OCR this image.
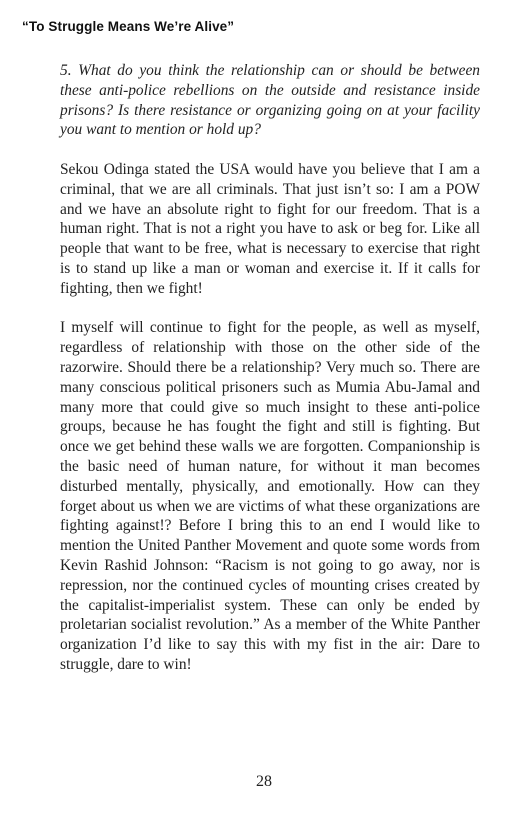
“To Struggle Means We’re Alive”

5. What do you think the relationship can or should be between these anti-police rebellions on the outside and resistance inside prisons? Is there resistance or organizing going on at your facility you want to mention or hold up?

Sekou Odinga stated the USA would have you believe that I am a criminal, that we are all criminals. That just isn’t so: I am a POW and we have an absolute right to fight for our freedom. That is a human right. That is not a right you have to ask or beg for. Like all people that want to be free, what is necessary to exercise that right is to stand up like a man or woman and exercise it. If it calls for fighting, then we fight!

I myself will continue to fight for the people, as well as myself, regardless of relationship with those on the other side of the razorwire. Should there be a relationship? Very much so. There are many conscious political prisoners such as Mumia Abu-Jamal and many more that could give so much insight to these anti-police groups, because he has fought the fight and still is fighting. But once we get behind these walls we are forgotten. Companionship is the basic need of human nature, for without it man becomes disturbed mentally, physically, and emotionally. How can they forget about us when we are victims of what these organizations are fighting against!? Before I bring this to an end I would like to mention the United Panther Movement and quote some words from Kevin Rashid Johnson: “Racism is not going to go away, nor is repression, nor the continued cycles of mounting crises created by the capitalist-imperialist system. These can only be ended by proletarian socialist revolution.” As a member of the White Panther organization I’d like to say this with my fist in the air: Dare to struggle, dare to win!

28
